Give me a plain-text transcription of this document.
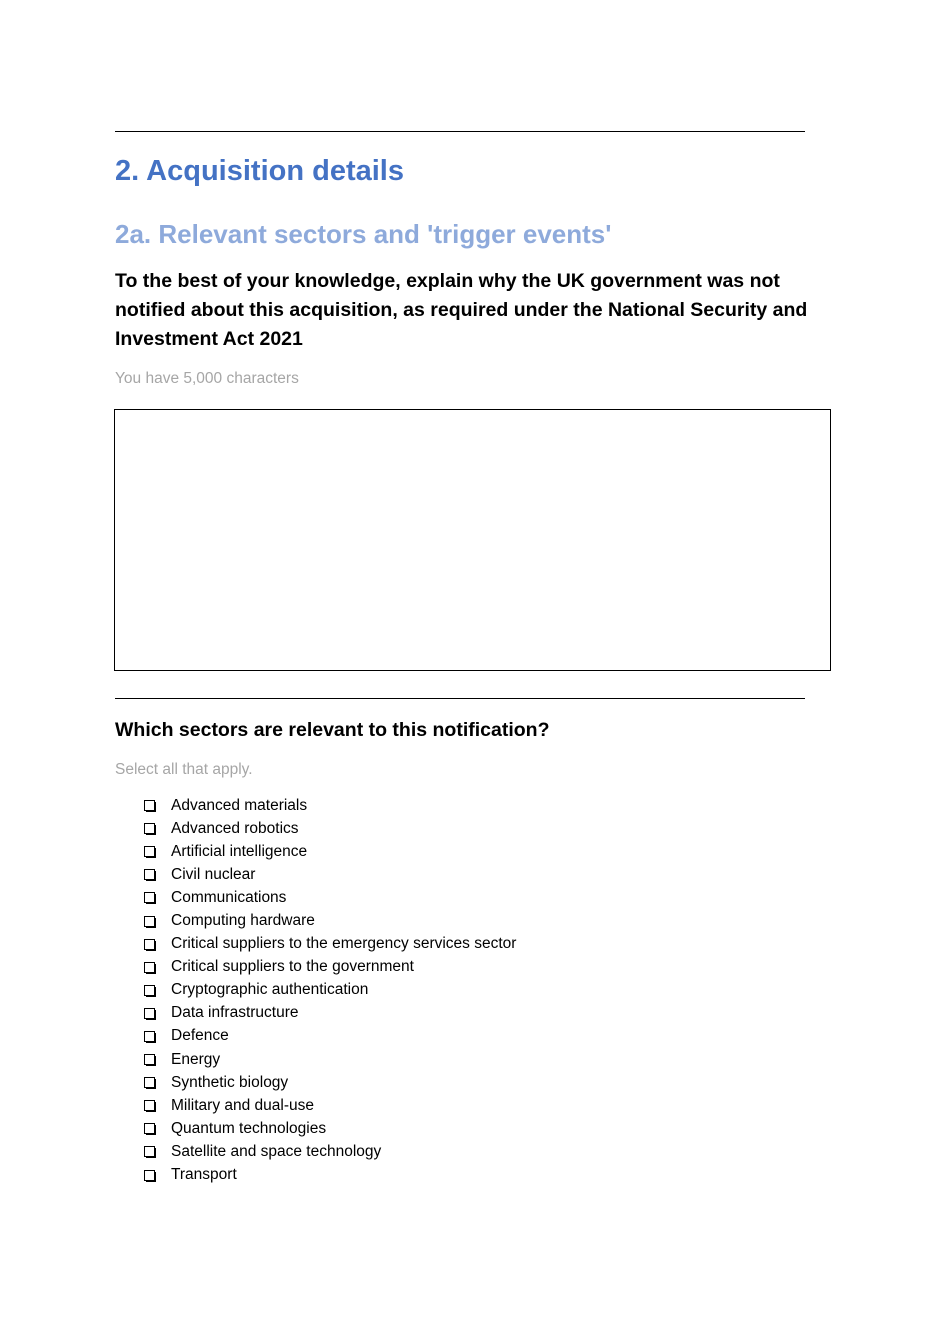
2. Acquisition details
2a. Relevant sectors and 'trigger events'

To the best of your knowledge, explain why the UK government was not notified about this acquisition, as required under the National Security and Investment Act 2021

You have 5,000 characters

Which sectors are relevant to this notification?

Select all that apply.

Advanced materials
Advanced robotics
Artificial intelligence
Civil nuclear
Communications
Computing hardware
Critical suppliers to the emergency services sector
Critical suppliers to the government
Cryptographic authentication
Data infrastructure
Defence
Energy
Synthetic biology
Military and dual-use
Quantum technologies
Satellite and space technology
Transport
